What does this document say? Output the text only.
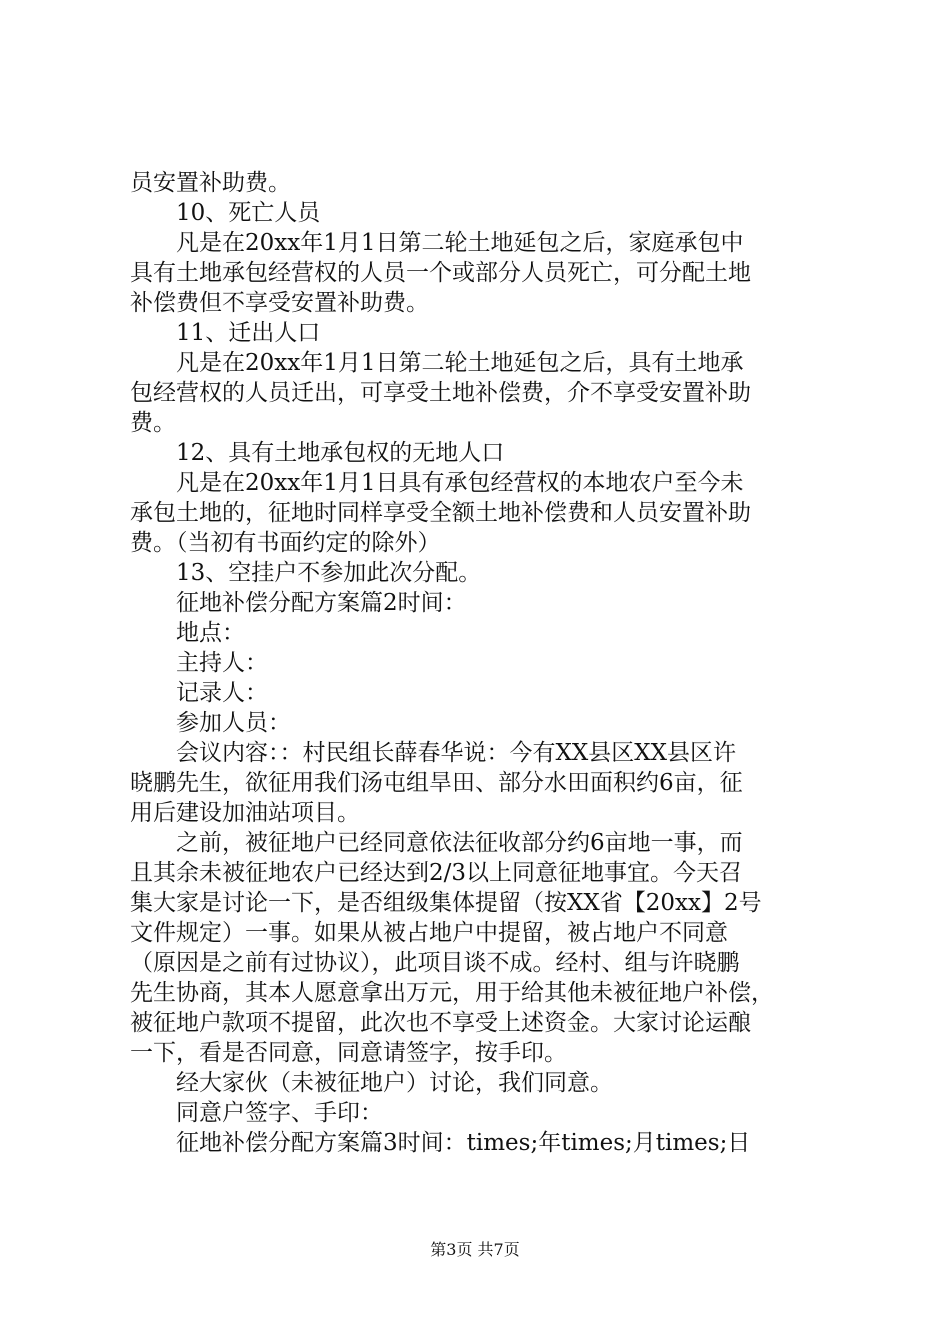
员安置补助费。
10、死亡人员
凡是在20xx年1月1日第二轮土地延包之后，家庭承包中
具有土地承包经营权的人员一个或部分人员死亡，可分配土地
补偿费但不享受安置补助费。
11、迁出人口
凡是在20xx年1月1日第二轮土地延包之后，具有土地承
包经营权的人员迁出，可享受土地补偿费，介不享受安置补助
费。
12、具有土地承包权的无地人口
凡是在20xx年1月1日具有承包经营权的本地农户至今未
承包土地的，征地时同样享受全额土地补偿费和人员安置补助
费。（当初有书面约定的除外）
13、空挂户不参加此次分配。
征地补偿分配方案篇2时间：
地点：
主持人：
记录人：
参加人员：
会议内容：：村民组长薛春华说：今有XX县区XX县区许
晓鹏先生，欲征用我们汤屯组旱田、部分水田面积约6亩，征
用后建设加油站项目。
之前，被征地户已经同意依法征收部分约6亩地一事，而
且其余未被征地农户已经达到2/3以上同意征地事宜。今天召
集大家是讨论一下，是否组级集体提留（按XX省【20xx】2号
文件规定）一事。如果从被占地户中提留，被占地户不同意
（原因是之前有过协议），此项目谈不成。经村、组与许晓鹏
先生协商，其本人愿意拿出万元，用于给其他未被征地户补偿，
被征地户款项不提留，此次也不享受上述资金。大家讨论运酿
一下，看是否同意，同意请签字，按手印。
经大家伙（未被征地户）讨论，我们同意。
同意户签字、手印：
征地补偿分配方案篇3时间：times;年times;月times;日
第3页 共7页
